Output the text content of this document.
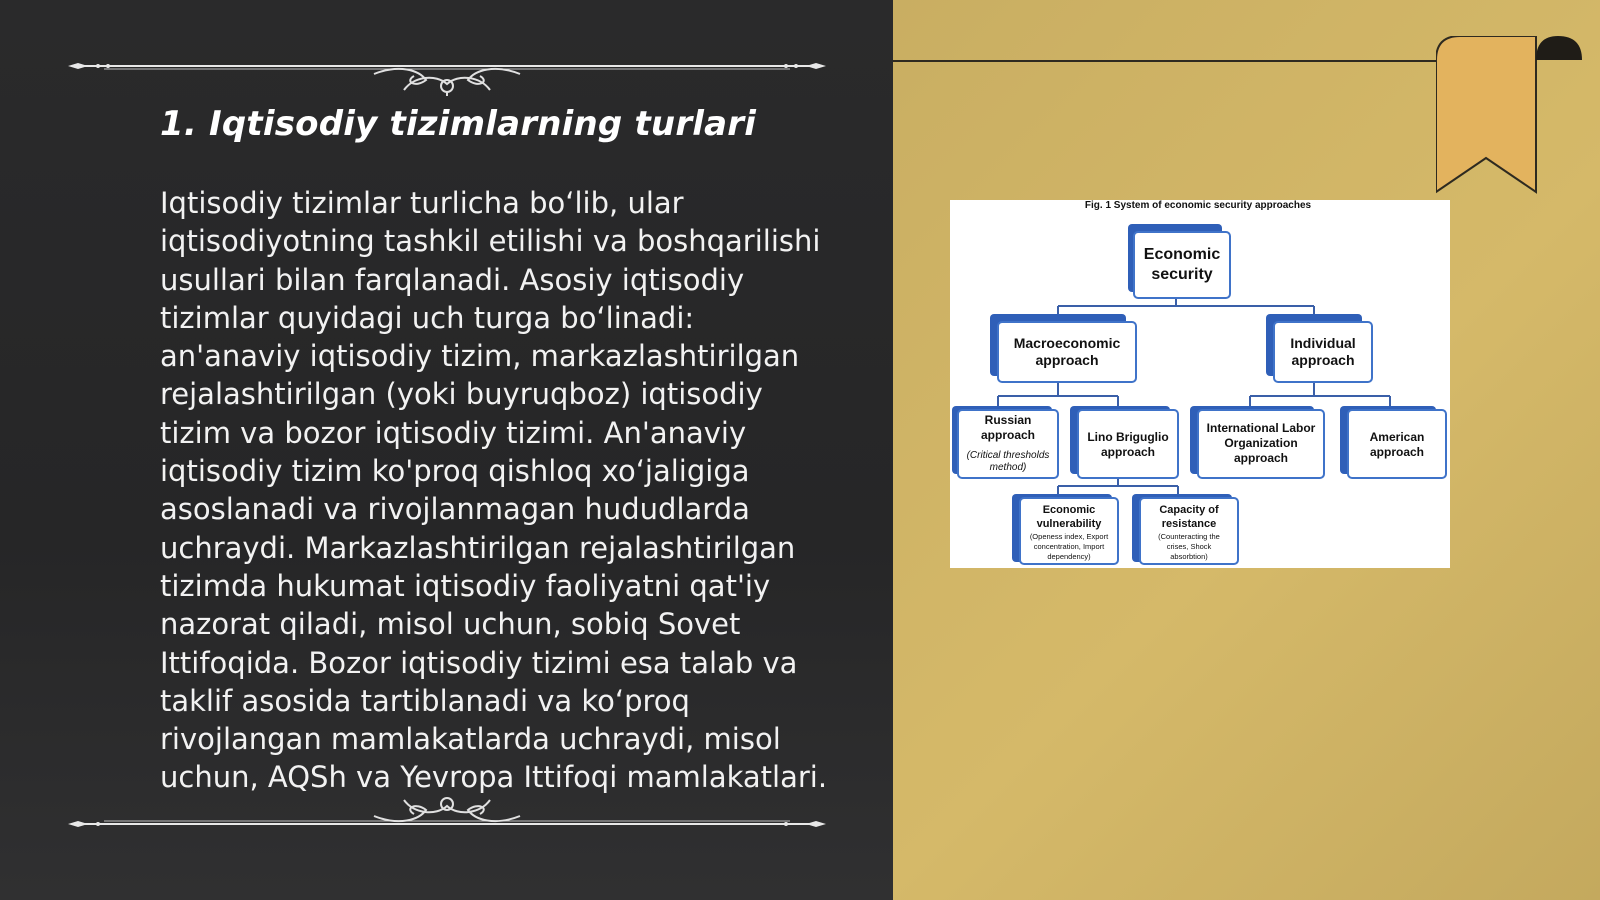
1. Iqtisodiy tizimlarning turlari

Iqtisodiy tizimlar turlicha bo‘lib, ular iqtisodiyotning tashkil etilishi va boshqarilishi usullari bilan farqlanadi. Asosiy iqtisodiy tizimlar quyidagi uch turga bo‘linadi: an'anaviy iqtisodiy tizim, markazlashtirilgan rejalashtirilgan (yoki buyruqboz) iqtisodiy tizim va bozor iqtisodiy tizimi. An'anaviy iqtisodiy tizim ko'proq qishloq xo‘jaligiga asoslanadi va rivojlanmagan hududlarda uchraydi. Markazlashtirilgan rejalashtirilgan tizimda hukumat iqtisodiy faoliyatni qat'iy nazorat qiladi, misol uchun, sobiq Sovet Ittifoqida. Bozor iqtisodiy tizimi esa talab va taklif asosida tartiblanadi va ko‘proq rivojlangan mamlakatlarda uchraydi, misol uchun, AQSh va Yevropa Ittifoqi mamlakatlari.

Fig. 1 System of economic security approaches
Economic
security
Macroeconomic
approach
Individual
approach
Russian
approach
(Critical thresholds
method)
Lino Briguglio
approach
International Labor
Organization
approach
American
approach
Economic
vulnerability
(Openess index, Export
concentration, Import
dependency)
Capacity of
resistance
(Counteracting the
crises, Shock
absorbtion)
